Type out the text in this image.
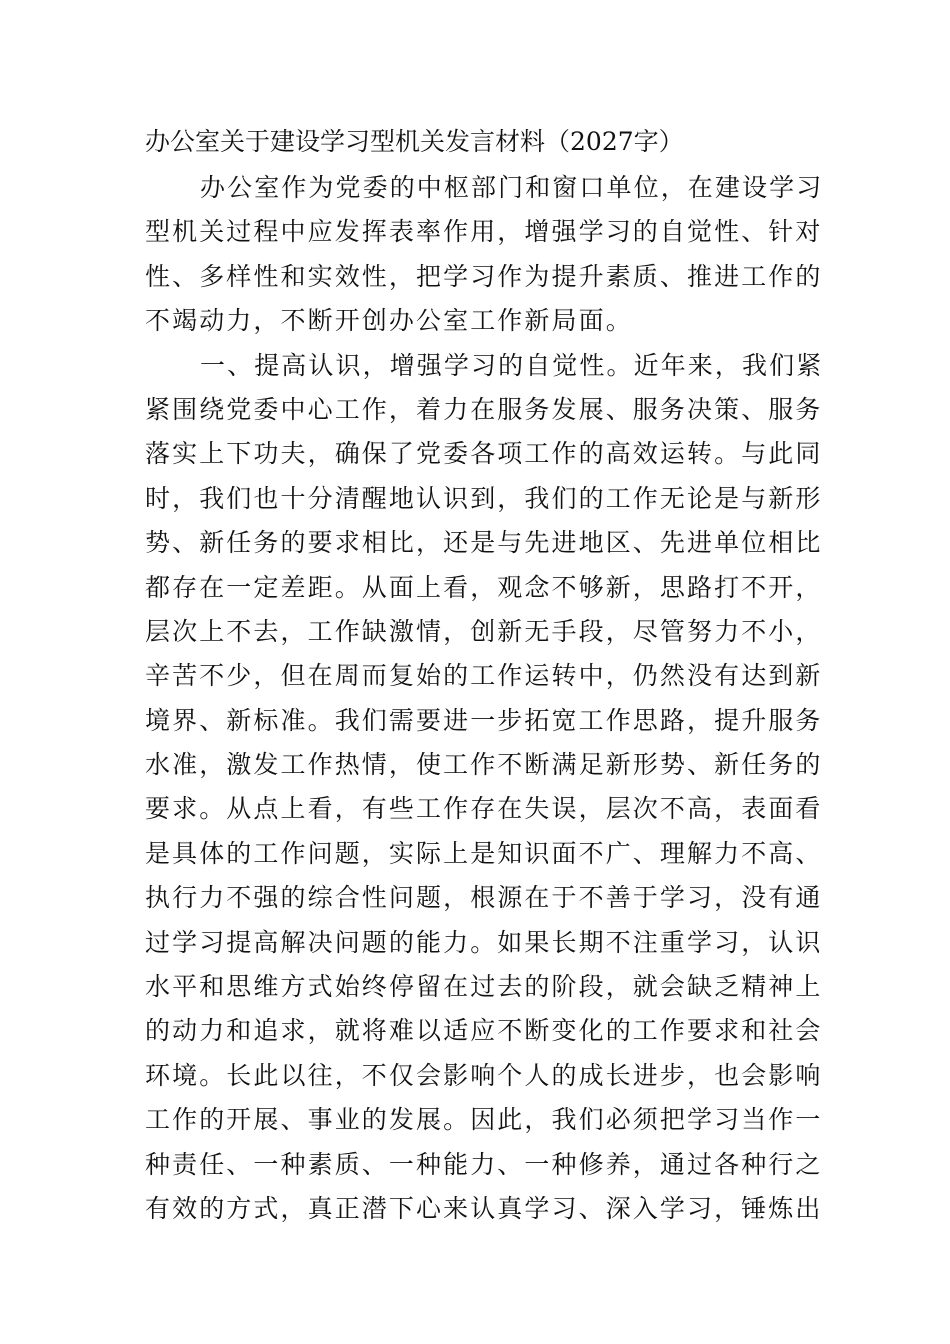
办公室关于建设学习型机关发言材料（2027字）
办公室作为党委的中枢部门和窗口单位，在建设学习
型机关过程中应发挥表率作用，增强学习的自觉性、针对
性、多样性和实效性，把学习作为提升素质、推进工作的
不竭动力，不断开创办公室工作新局面。
一、提高认识，增强学习的自觉性。近年来，我们紧
紧围绕党委中心工作，着力在服务发展、服务决策、服务
落实上下功夫，确保了党委各项工作的高效运转。与此同
时，我们也十分清醒地认识到，我们的工作无论是与新形
势、新任务的要求相比，还是与先进地区、先进单位相比
都存在一定差距。从面上看，观念不够新，思路打不开，
层次上不去，工作缺激情，创新无手段，尽管努力不小，
辛苦不少，但在周而复始的工作运转中，仍然没有达到新
境界、新标准。我们需要进一步拓宽工作思路，提升服务
水准，激发工作热情，使工作不断满足新形势、新任务的
要求。从点上看，有些工作存在失误，层次不高，表面看
是具体的工作问题，实际上是知识面不广、理解力不高、
执行力不强的综合性问题，根源在于不善于学习，没有通
过学习提高解决问题的能力。如果长期不注重学习，认识
水平和思维方式始终停留在过去的阶段，就会缺乏精神上
的动力和追求，就将难以适应不断变化的工作要求和社会
环境。长此以往，不仅会影响个人的成长进步，也会影响
工作的开展、事业的发展。因此，我们必须把学习当作一
种责任、一种素质、一种能力、一种修养，通过各种行之
有效的方式，真正潜下心来认真学习、深入学习，锤炼出
